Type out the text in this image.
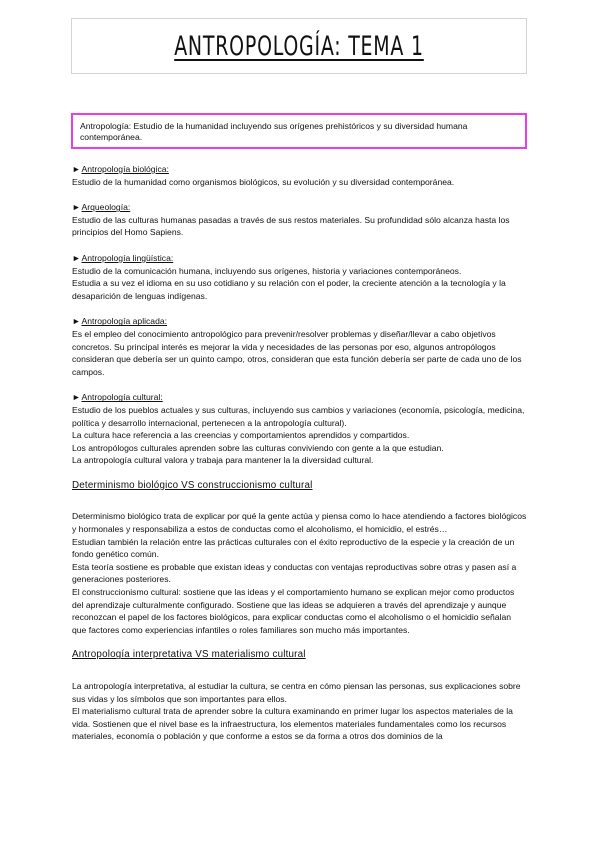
ANTROPOLOGÍA: TEMA 1
Antropología: Estudio de la humanidad incluyendo sus orígenes prehistóricos y su diversidad humana contemporánea.
►Antropología biológica:

Estudio de la humanidad como organismos biológicos, su evolución y su diversidad contemporánea.

►Arqueología:

Estudio de las culturas humanas pasadas a través de sus restos materiales. Su profundidad sólo alcanza hasta los principios del Homo Sapiens.

►Antropología lingüística:

Estudio de la comunicación humana, incluyendo sus orígenes, historia y variaciones contemporáneos.

Estudia a su vez el idioma en su uso cotidiano y su relación con el poder, la creciente atención a la tecnología y la desaparición de lenguas indígenas.

►Antropología aplicada:

Es el empleo del conocimiento antropológico para prevenir/resolver problemas y diseñar/llevar a cabo objetivos concretos. Su principal interés es mejorar la vida y necesidades de las personas por eso, algunos antropólogos consideran que debería ser un quinto campo, otros, consideran que esta función debería ser parte de cada uno de los campos.

►Antropología cultural:

Estudio de los pueblos actuales y sus culturas, incluyendo sus cambios y variaciones (economía, psicología, medicina, política y desarrollo internacional, pertenecen a la antropología cultural).

La cultura hace referencia a las creencias y comportamientos aprendidos y compartidos.

Los antropólogos culturales aprenden sobre las culturas conviviendo con gente a la que estudian.

La antropología cultural valora y trabaja para mantener la la diversidad cultural.

Determinismo biológico VS construccionismo cultural

Determinismo biológico trata de explicar por qué la gente actúa y piensa como lo hace atendiendo a factores biológicos y hormonales y responsabiliza a estos de conductas como el alcoholismo, el homicidio, el estrés…

Estudian también la relación entre las prácticas culturales con el éxito reproductivo de la especie y la creación de un fondo genético común.

Esta teoría sostiene es probable que existan ideas y conductas con ventajas reproductivas sobre otras y pasen así a generaciones posteriores.

El construccionismo cultural: sostiene que las ideas y el comportamiento humano se explican mejor como productos del aprendizaje culturalmente configurado. Sostiene que las ideas se adquieren a través del aprendizaje y aunque reconozcan el papel de los factores biológicos, para explicar conductas como el alcoholismo o el homicidio señalan que factores como experiencias infantiles o roles familiares son mucho más importantes.

Antropología interpretativa VS materialismo cultural

La antropología interpretativa, al estudiar la cultura, se centra en cómo piensan las personas, sus explicaciones sobre sus vidas y los símbolos que son importantes para ellos.

El materialismo cultural trata de aprender sobre la cultura examinando en primer lugar los aspectos materiales de la vida. Sostienen que el nivel base es la infraestructura, los elementos materiales fundamentales como los recursos materiales, economía o población y que conforme a estos se da forma a otros dos dominios de la
